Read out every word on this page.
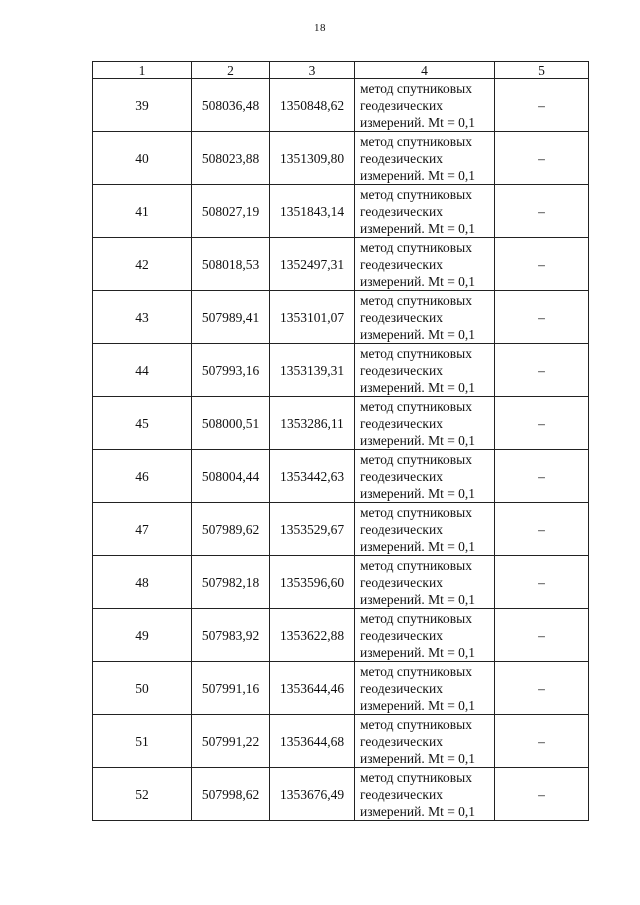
18
1	2	3	4	5
39	508036,48	1350848,62	метод спутниковых
геодезических
измерений. Mt = 0,1	–
40	508023,88	1351309,80	метод спутниковых
геодезических
измерений. Mt = 0,1	–
41	508027,19	1351843,14	метод спутниковых
геодезических
измерений. Mt = 0,1	–
42	508018,53	1352497,31	метод спутниковых
геодезических
измерений. Mt = 0,1	–
43	507989,41	1353101,07	метод спутниковых
геодезических
измерений. Mt = 0,1	–
44	507993,16	1353139,31	метод спутниковых
геодезических
измерений. Mt = 0,1	–
45	508000,51	1353286,11	метод спутниковых
геодезических
измерений. Mt = 0,1	–
46	508004,44	1353442,63	метод спутниковых
геодезических
измерений. Mt = 0,1	–
47	507989,62	1353529,67	метод спутниковых
геодезических
измерений. Mt = 0,1	–
48	507982,18	1353596,60	метод спутниковых
геодезических
измерений. Mt = 0,1	–
49	507983,92	1353622,88	метод спутниковых
геодезических
измерений. Mt = 0,1	–
50	507991,16	1353644,46	метод спутниковых
геодезических
измерений. Mt = 0,1	–
51	507991,22	1353644,68	метод спутниковых
геодезических
измерений. Mt = 0,1	–
52	507998,62	1353676,49	метод спутниковых
геодезических
измерений. Mt = 0,1	–
